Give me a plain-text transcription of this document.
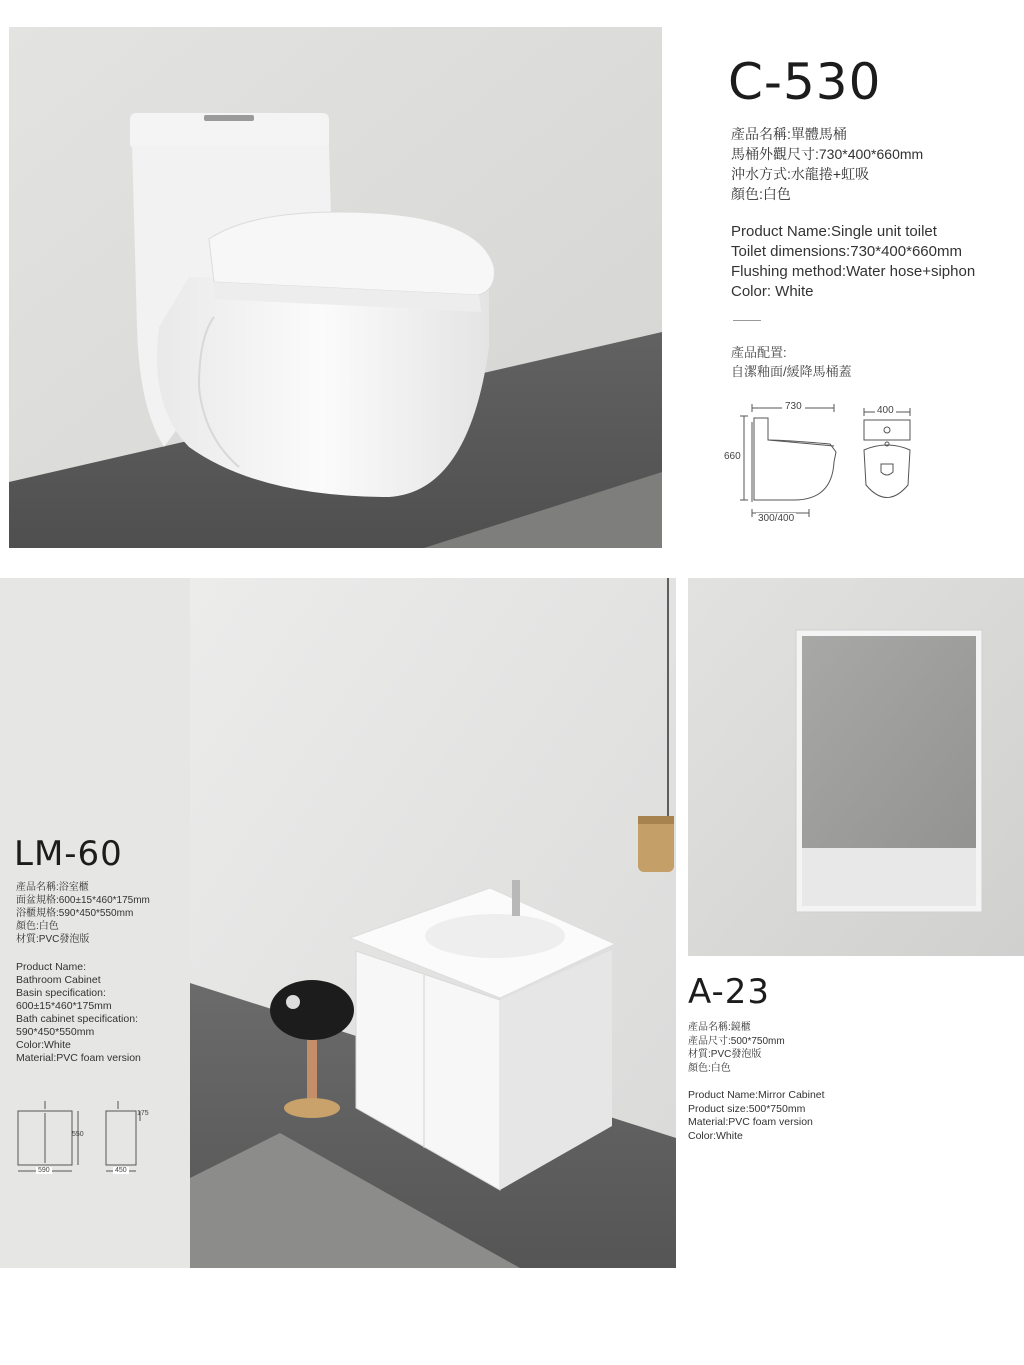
C-530
產品名稱:單體馬桶
馬桶外觀尺寸:730*400*660mm
沖水方式:水龍捲+虹吸
顏色:白色
Product Name:Single unit toilet
Toilet dimensions:730*400*660mm
Flushing method:Water hose+siphon
Color: White
產品配置:
自潔釉面/緩降馬桶蓋
730
660
300/400
400
LM-60
產品名稱:浴室櫃
面盆規格:600±15*460*175mm
浴櫃規格:590*450*550mm
顏色:白色
材質:PVC發泡版
Product Name:
Bathroom Cabinet
Basin specification:
600±15*460*175mm
Bath cabinet specification:
590*450*550mm
Color:White
Material:PVC foam version
550
590
175
450
A-23
產品名稱:鏡櫃
產品尺寸:500*750mm
材質:PVC發泡版
顏色:白色
Product Name:Mirror Cabinet
Product size:500*750mm
Material:PVC foam version
Color:White
